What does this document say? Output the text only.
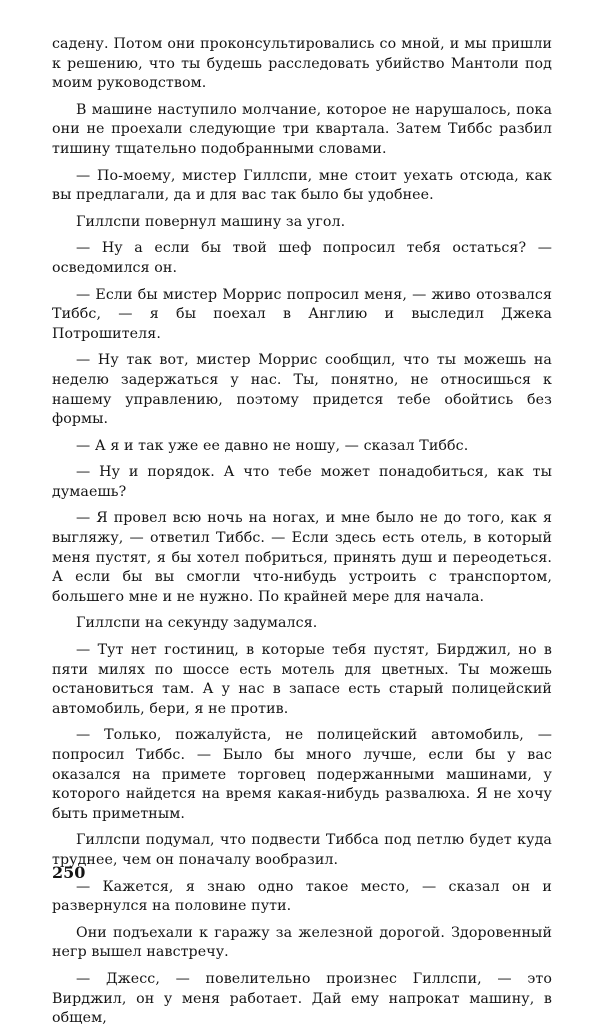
садену. Потом они проконсультировались со мной, и мы пришли к решению, что ты будешь расследовать убийство Мантоли под моим руководством.

В машине наступило молчание, которое не нарушалось, пока они не проехали следующие три квартала. Затем Тиббс разбил тишину тщательно подобранными словами.

— По-моему, мистер Гиллспи, мне стоит уехать отсюда, как вы предлагали, да и для вас так было бы удобнее.

Гиллспи повернул машину за угол.

— Ну а если бы твой шеф попросил тебя остаться? — осведомился он.

— Если бы мистер Моррис попросил меня, — живо отозвался Тиббс, — я бы поехал в Англию и выследил Джека Потрошителя.

— Ну так вот, мистер Моррис сообщил, что ты можешь на неделю задержаться у нас. Ты, понятно, не относишься к нашему управлению, поэтому придется тебе обойтись без формы.

— А я и так уже ее давно не ношу, — сказал Тиббс.

— Ну и порядок. А что тебе может понадобиться, как ты думаешь?

— Я провел всю ночь на ногах, и мне было не до того, как я выгляжу, — ответил Тиббс. — Если здесь есть отель, в который меня пустят, я бы хотел побриться, принять душ и переодеться. А если бы вы смогли что-нибудь устроить с транспортом, большего мне и не нужно. По крайней мере для начала.

Гиллспи на секунду задумался.

— Тут нет гостиниц, в которые тебя пустят, Бирджил, но в пяти милях по шоссе есть мотель для цветных. Ты можешь остановиться там. А у нас в запасе есть старый полицейский автомобиль, бери, я не против.

— Только, пожалуйста, не полицейский автомобиль, — попросил Тиббс. — Было бы много лучше, если бы у вас оказался на примете торговец подержанными машинами, у которого найдется на время какая-нибудь развалюха. Я не хочу быть приметным.

Гиллспи подумал, что подвести Тиббса под петлю будет куда труднее, чем он поначалу вообразил.

— Кажется, я знаю одно такое место, — сказал он и развернулся на половине пути.

Они подъехали к гаражу за железной дорогой. Здоровенный негр вышел навстречу.

— Джесс, — повелительно произнес Гиллспи, — это Вирджил, он у меня работает. Дай ему напрокат машину, в общем,

250
